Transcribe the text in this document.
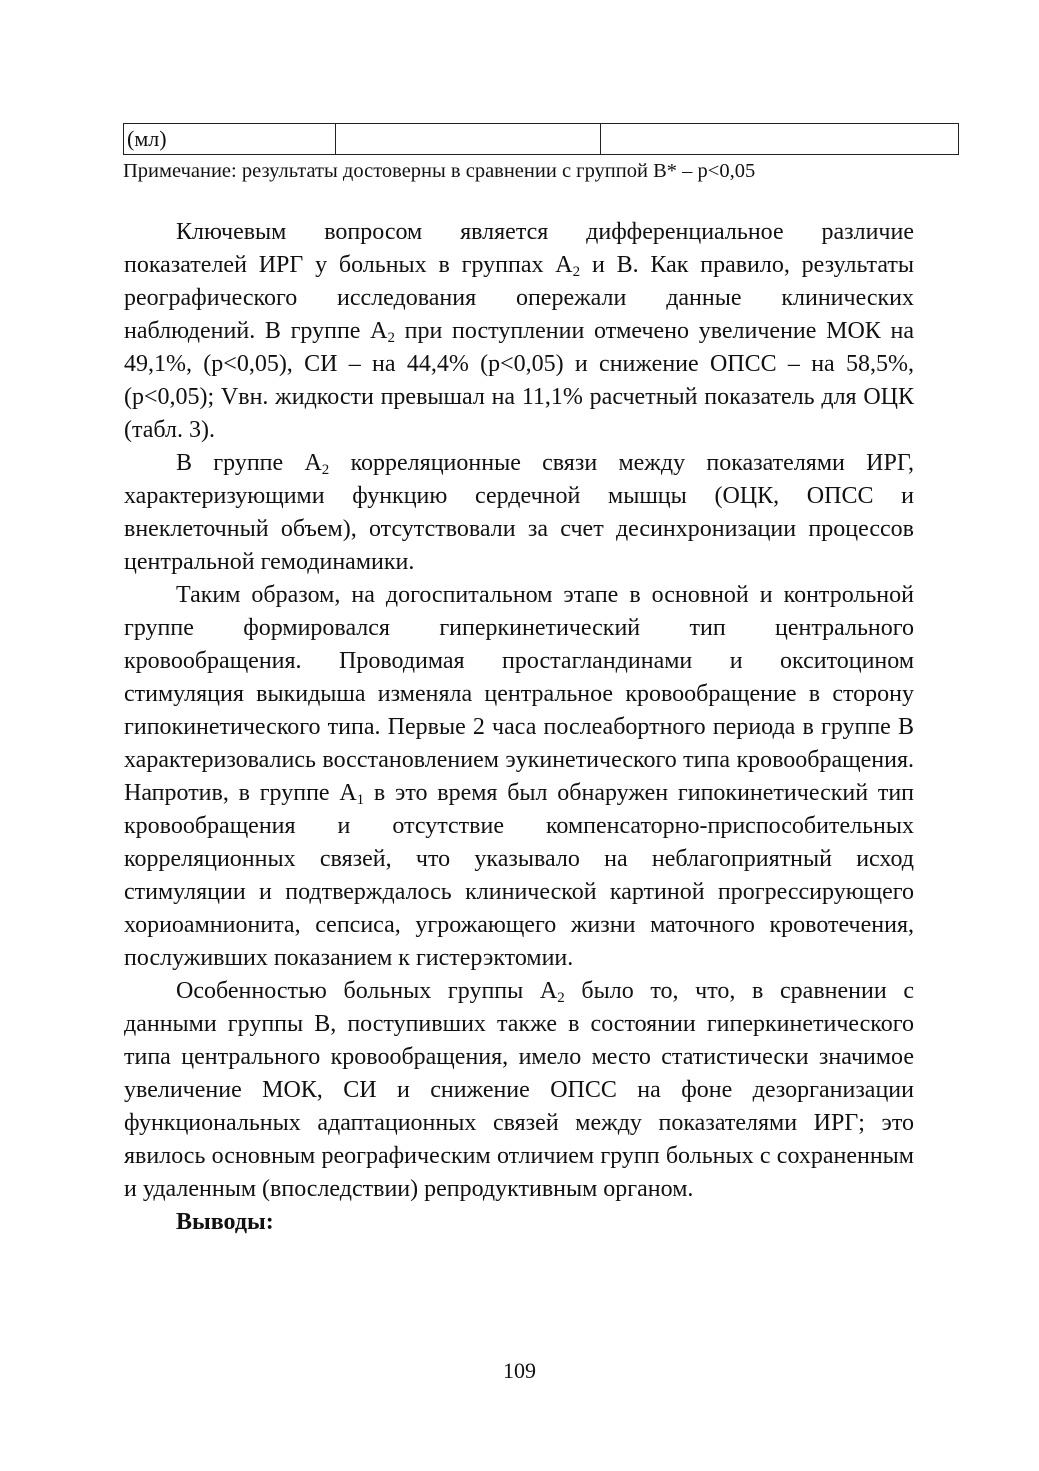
(мл)		
Примечание: результаты достоверны в сравнении с группой В* – р<0,05

Ключевым вопросом является дифференциальное различие показателей ИРГ у больных в группах $А_2$ и В. Как правило, результаты реографического исследования опережали данные клинических наблюдений. В группе $А_2$ при поступлении отмечено увеличение МОК на 49,1%, (р<0,05), СИ – на 44,4% (р<0,05) и снижение ОПСС – на 58,5%, (р<0,05); Vвн. жидкости превышал на 11,1% расчетный показатель для ОЦК (табл. 3).

В группе $А_2$ корреляционные связи между показателями ИРГ, характеризующими функцию сердечной мышцы (ОЦК, ОПСС и внеклеточный объем), отсутствовали за счет десинхронизации процессов центральной гемодинамики.

Таким образом, на догоспитальном этапе в основной и контрольной группе формировался гиперкинетический тип центрального кровообращения. Проводимая простагландинами и окситоцином стимуляция выкидыша изменяла центральное кровообращение в сторону гипокинетического типа. Первые 2 часа послеабортного периода в группе В характеризовались восстановлением эукинетического типа кровообращения. Напротив, в группе $А_1$ в это время был обнаружен гипокинетический тип кровообращения и отсутствие компенсаторно-приспособительных корреляционных связей, что указывало на неблагоприятный исход стимуляции и подтверждалось клинической картиной прогрессирующего хориоамнионита, сепсиса, угрожающего жизни маточного кровотечения, послуживших показанием к гистерэктомии.

Особенностью больных группы $А_2$ было то, что, в сравнении с данными группы В, поступивших также в состоянии гиперкинетического типа центрального кровообращения, имело место статистически значимое увеличение МОК, СИ и снижение ОПСС на фоне дезорганизации функциональных адаптационных связей между показателями ИРГ; это явилось основным реографическим отличием групп больных с сохраненным и удаленным (впоследствии) репродуктивным органом.

Выводы:

109
